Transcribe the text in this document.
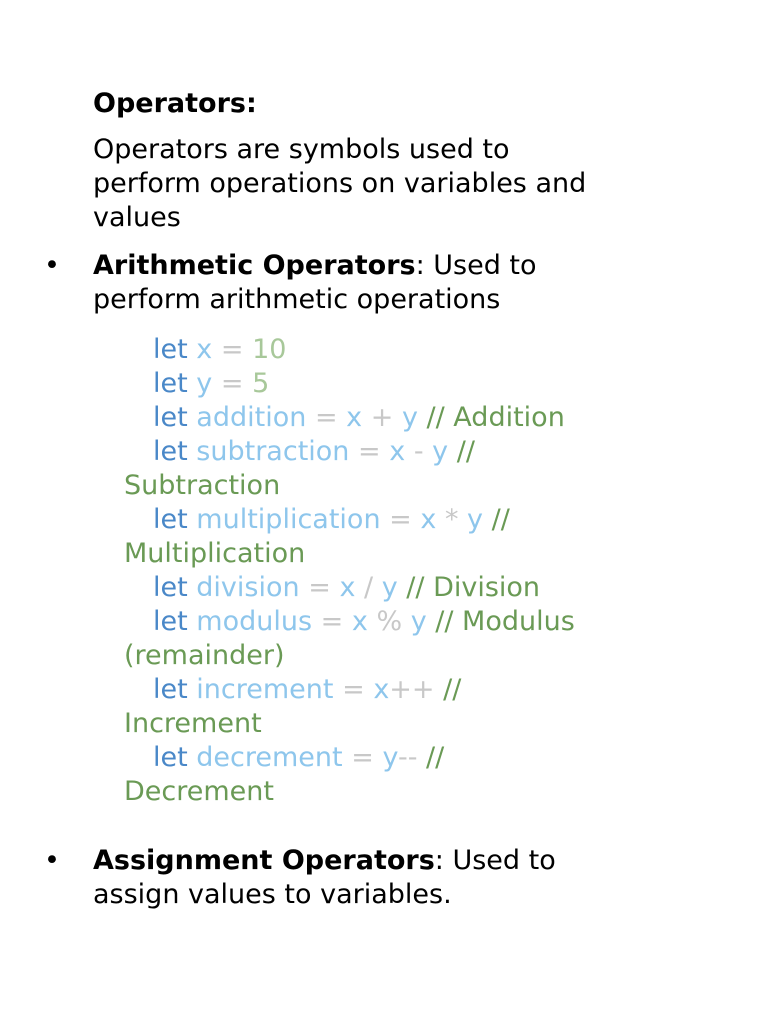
Operators:
Operators are symbols used to
perform operations on variables and
values
• Arithmetic Operators: Used to
perform arithmetic operations
let x = 10
let y = 5
let addition = x + y // Addition
let subtraction = x - y //
Subtraction
let multiplication = x * y //
Multiplication
let division = x / y // Division
let modulus = x % y // Modulus
(remainder)
let increment = x++ //
Increment
let decrement = y-- //
Decrement
• Assignment Operators: Used to
assign values to variables.
